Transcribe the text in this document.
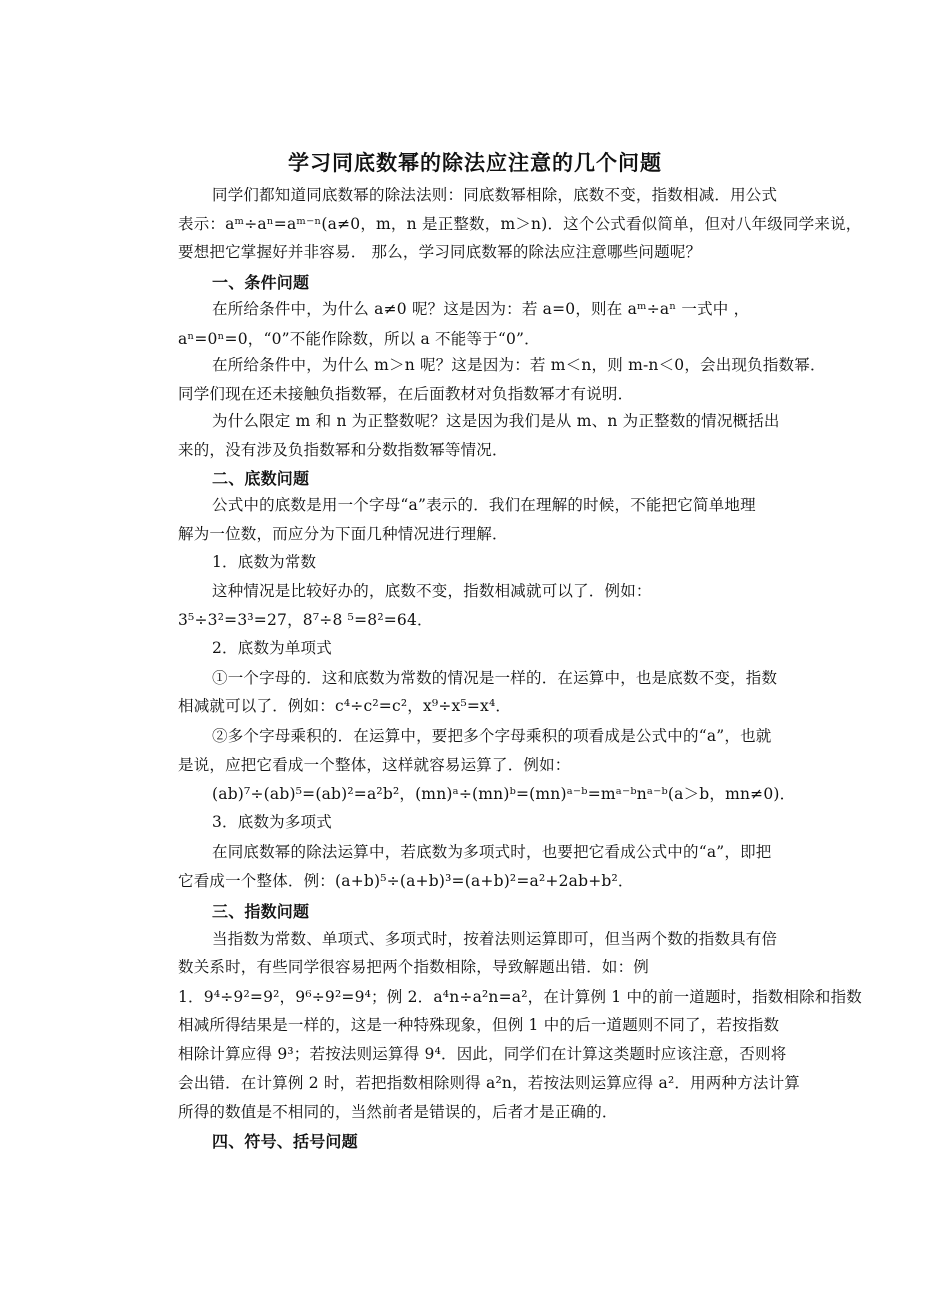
学习同底数幂的除法应注意的几个问题
同学们都知道同底数幂的除法法则：同底数幂相除，底数不变，指数相减．用公式
表示：aᵐ÷aⁿ=aᵐ⁻ⁿ(a≠0，m，n 是正整数，m＞n)．这个公式看似简单，但对八年级同学来说，
要想把它掌握好并非容易． 那么，学习同底数幂的除法应注意哪些问题呢？
一、条件问题
在所给条件中，为什么 a≠0 呢？这是因为：若 a=0，则在 aᵐ÷aⁿ 一式中 ，
aⁿ=0ⁿ=0，“0”不能作除数，所以 a 不能等于“0”．
在所给条件中，为什么 m＞n 呢？这是因为：若 m＜n，则 m-n＜0，会出现负指数幂．
同学们现在还未接触负指数幂，在后面教材对负指数幂才有说明．
为什么限定 m 和 n 为正整数呢？这是因为我们是从 m、n 为正整数的情况概括出
来的，没有涉及负指数幂和分数指数幂等情况．
二、底数问题
公式中的底数是用一个字母“a”表示的．我们在理解的时候，不能把它简单地理
解为一位数，而应分为下面几种情况进行理解．
1．底数为常数
这种情况是比较好办的，底数不变，指数相减就可以了．例如：
3⁵÷3²=3³=27，8⁷÷8 ⁵=8²=64．
2．底数为单项式
①一个字母的．这和底数为常数的情况是一样的．在运算中，也是底数不变，指数
相减就可以了．例如：c⁴÷c²=c²，x⁹÷x⁵=x⁴．
②多个字母乘积的．在运算中，要把多个字母乘积的项看成是公式中的“a”，也就
是说，应把它看成一个整体，这样就容易运算了．例如：
(ab)⁷÷(ab)⁵=(ab)²=a²b²，(mn)ᵃ÷(mn)ᵇ=(mn)ᵃ⁻ᵇ=mᵃ⁻ᵇnᵃ⁻ᵇ(a＞b，mn≠0)．
3．底数为多项式
在同底数幂的除法运算中，若底数为多项式时，也要把它看成公式中的“a”，即把
它看成一个整体．例：(a+b)⁵÷(a+b)³=(a+b)²=a²+2ab+b²．
三、指数问题
当指数为常数、单项式、多项式时，按着法则运算即可，但当两个数的指数具有倍
数关系时，有些同学很容易把两个指数相除，导致解题出错．如：例
1．9⁴÷9²=9²，9⁶÷9²=9⁴；例 2．a⁴n÷a²n=a²，在计算例 1 中的前一道题时，指数相除和指数
相减所得结果是一样的，这是一种特殊现象，但例 1 中的后一道题则不同了，若按指数
相除计算应得 9³；若按法则运算得 9⁴．因此，同学们在计算这类题时应该注意，否则将
会出错．在计算例 2 时，若把指数相除则得 a²n，若按法则运算应得 a²．用两种方法计算
所得的数值是不相同的，当然前者是错误的，后者才是正确的．
四、符号、括号问题
